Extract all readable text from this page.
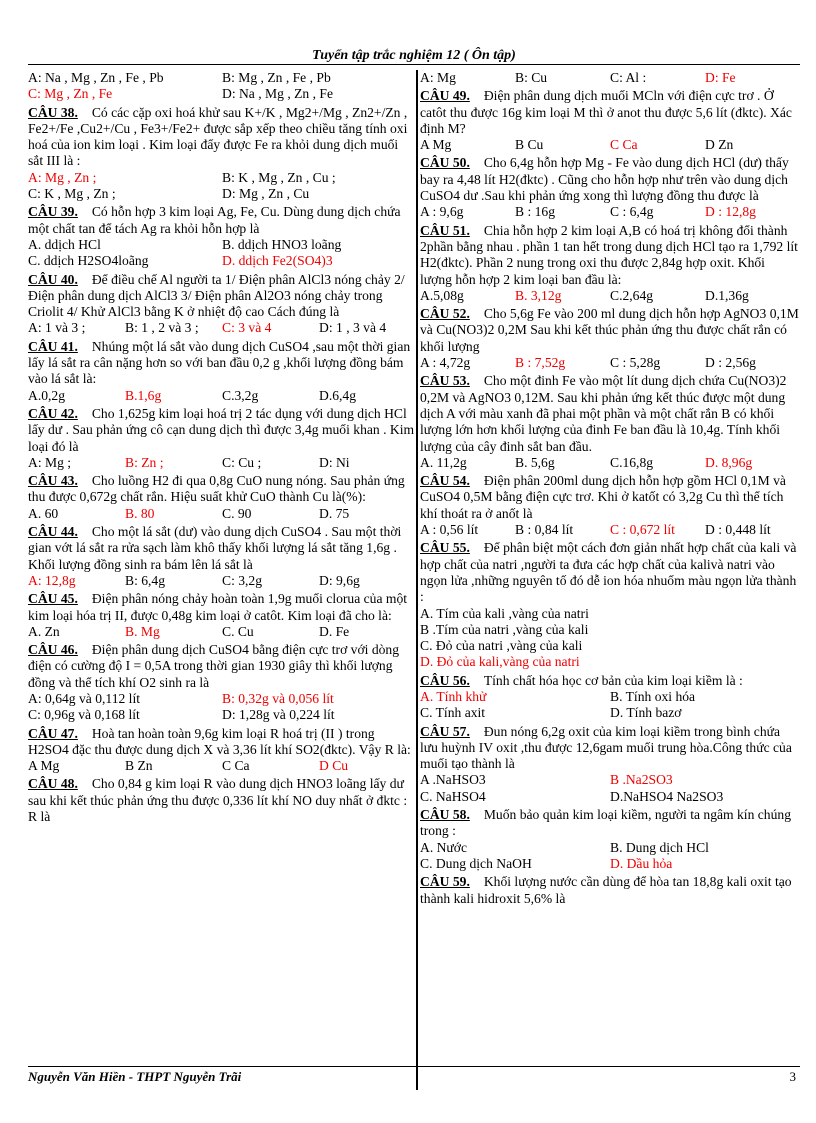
Tuyển tập trắc nghiệm 12 ( Ôn tập)
A: Na , Mg , Zn , Fe , Pb	B: Mg , Zn , Fe , Pb
C: Mg , Zn , Fe	D: Na , Mg , Zn , Fe
CÂU 38. Có các cặp oxi hoá khử sau K+/K , Mg2+/Mg , Zn2+/Zn , Fe2+/Fe ,Cu2+/Cu , Fe3+/Fe2+ được sắp xếp theo chiều tăng tính oxi hoá của ion kim loại . Kim loại đẩy được Fe ra khỏi dung dịch muối sắt III là :
A: Mg , Zn ;	B: K , Mg , Zn , Cu ;
C: K , Mg , Zn ;	D: Mg , Zn , Cu
CÂU 39. Có hỗn hợp 3 kim loại Ag, Fe, Cu. Dùng dung dịch chứa một chất tan để tách Ag ra khỏi hỗn hợp là
A. ddịch HCl	B. ddịch HNO3 loãng
C. ddịch H2SO4loãng	D. ddịch Fe2(SO4)3
CÂU 40. Để điều chế Al người ta 1/ Điện phân AlCl3 nóng chảy 2/ Điện phân dung dịch AlCl3 3/ Điện phân Al2O3 nóng chảy trong Criolit 4/ Khử AlCl3 bằng K ở nhiệt độ cao Cách đúng là
A: 1 và 3 ;	B: 1 , 2 và 3 ;	C: 3 và 4	D: 1 , 3 và 4
CÂU 41. Nhúng một lá sắt vào dung dịch CuSO4 ,sau một thời gian lấy lá sắt ra cân nặng hơn so với ban đầu 0,2 g ,khối lượng đồng bám vào lá sắt là:
A.0,2g	B.1,6g	C.3,2g	D.6,4g
CÂU 42. Cho 1,625g kim loại hoá trị 2 tác dụng với dung dịch HCl lấy dư . Sau phản ứng cô cạn dung dịch thì được 3,4g muối khan . Kim loại đó là
A: Mg ;	B: Zn ;	C: Cu ;	D: Ni
CÂU 43. Cho luồng H2 đi qua 0,8g CuO nung nóng. Sau phản ứng thu được 0,672g chất rắn. Hiệu suất khử CuO thành Cu là(%):
A. 60	B. 80	C. 90	D. 75
CÂU 44. Cho một lá sắt (dư) vào dung dịch CuSO4 . Sau một thời gian vớt lá sắt ra rửa sạch làm khô thấy khối lượng lá sắt tăng 1,6g . Khối lượng đồng sinh ra bám lên lá sắt là
A: 12,8g	B: 6,4g	C: 3,2g	D: 9,6g
CÂU 45. Điện phân nóng chảy hoàn toàn 1,9g muối clorua của một kim loại hóa trị II, được 0,48g kim loại ở catôt. Kim loại đã cho là:
A. Zn	B. Mg	C. Cu	D. Fe
CÂU 46. Điện phân dung dịch CuSO4 bằng điện cực trơ với dòng điện có cường độ I = 0,5A trong thời gian 1930 giây thì khối lượng đồng và thể tích khí O2 sinh ra là
A: 0,64g và 0,112 lít	B: 0,32g và 0,056 lít
C: 0,96g và 0,168 lít	D: 1,28g và 0,224 lít
CÂU 47. Hoà tan hoàn toàn 9,6g kim loại R hoá trị (II ) trong H2SO4 đặc thu được dung dịch X và 3,36 lít khí SO2(đktc). Vậy R là:
A Mg	B Zn	C Ca	D Cu
CÂU 48. Cho 0,84 g kim loại R vào dung dịch HNO3 loãng lấy dư sau khi kết thúc phản ứng thu được 0,336 lít khí NO duy nhất ở đktc : R là
A: Mg	B: Cu	C: Al :	D: Fe
CÂU 49. Điện phân dung dịch muối MCln với điện cực trơ . Ở catôt thu được 16g kim loại M thì ở anot thu được 5,6 lít (đktc). Xác định M?
A Mg	B Cu	C Ca	D Zn
CÂU 50. Cho 6,4g hỗn hợp Mg - Fe vào dung dịch HCl (dư) thấy bay ra 4,48 lít H2(đktc) . Cũng cho hỗn hợp như trên vào dung dịch CuSO4 dư .Sau khi phản ứng xong thì lượng đồng thu được là
A : 9,6g	B : 16g	C : 6,4g	D : 12,8g
CÂU 51. Chia hỗn hợp 2 kim loại A,B có hoá trị không đổi thành 2phần bằng nhau . phần 1 tan hết trong dung dịch HCl tạo ra 1,792 lít H2(đktc). Phần 2 nung trong oxi thu được 2,84g hợp oxit. Khối lượng hỗn hợp 2 kim loại ban đầu là:
A.5,08g	B. 3,12g	C.2,64g	D.1,36g
CÂU 52. Cho 5,6g Fe vào 200 ml dung dịch hỗn hợp AgNO3 0,1M và Cu(NO3)2 0,2M Sau khi kết thúc phản ứng thu được chất rắn có khối lượng
A : 4,72g	B : 7,52g	C : 5,28g	D : 2,56g
CÂU 53. Cho một đinh Fe vào một lít dung dịch chứa Cu(NO3)2 0,2M và AgNO3 0,12M. Sau khi phản ứng kết thúc được một dung dịch A với màu xanh đã phai một phần và một chất rắn B có khối lượng lớn hơn khối lượng của đinh Fe ban đầu là 10,4g. Tính khối lượng của cây đinh sắt ban đầu.
A. 11,2g	B. 5,6g	C.16,8g	D. 8,96g
CÂU 54. Điện phân 200ml dung dịch hỗn hợp gồm HCl 0,1M và CuSO4 0,5M bằng điện cực trơ. Khi ở katốt có 3,2g Cu thì thể tích khí thoát ra ở anốt là
A : 0,56 lít	B : 0,84 lít	C : 0,672 lít	D : 0,448 lít
CÂU 55. Để phân biệt một cách đơn giản nhất hợp chất của kali và hợp chất của natri ,người ta đưa các hợp chất của kalivà natri vào ngọn lửa ,những nguyên tố đó dễ ion hóa nhuốm màu ngọn lửa thành :
A. Tím của kali ,vàng của natri
B .Tím của natri ,vàng của kali
C. Đỏ của natri ,vàng của kali
D. Đỏ của kali,vàng của natri
CÂU 56. Tính chất hóa học cơ bản của kim loại kiềm là :
A. Tính khử	B. Tính oxi hóa
C. Tính axit	D. Tính bazơ
CÂU 57. Đun nóng 6,2g oxit của kim loại kiềm trong bình chứa lưu huỳnh IV oxit ,thu được 12,6gam muối trung hòa.Công thức của muối tạo thành là
A .NaHSO3	B .Na2SO3
C. NaHSO4	D.NaHSO4 Na2SO3
CÂU 58. Muốn bảo quản kim loại kiềm, người ta ngâm kín chúng trong :
A. Nước	B. Dung dịch HCl
C. Dung dịch NaOH	D. Dầu hỏa
CÂU 59. Khối lượng nước cần dùng để hòa tan 18,8g kali oxit tạo thành kali hidroxit 5,6% là
Nguyễn Văn Hiền - THPT Nguyễn Trãi	3
